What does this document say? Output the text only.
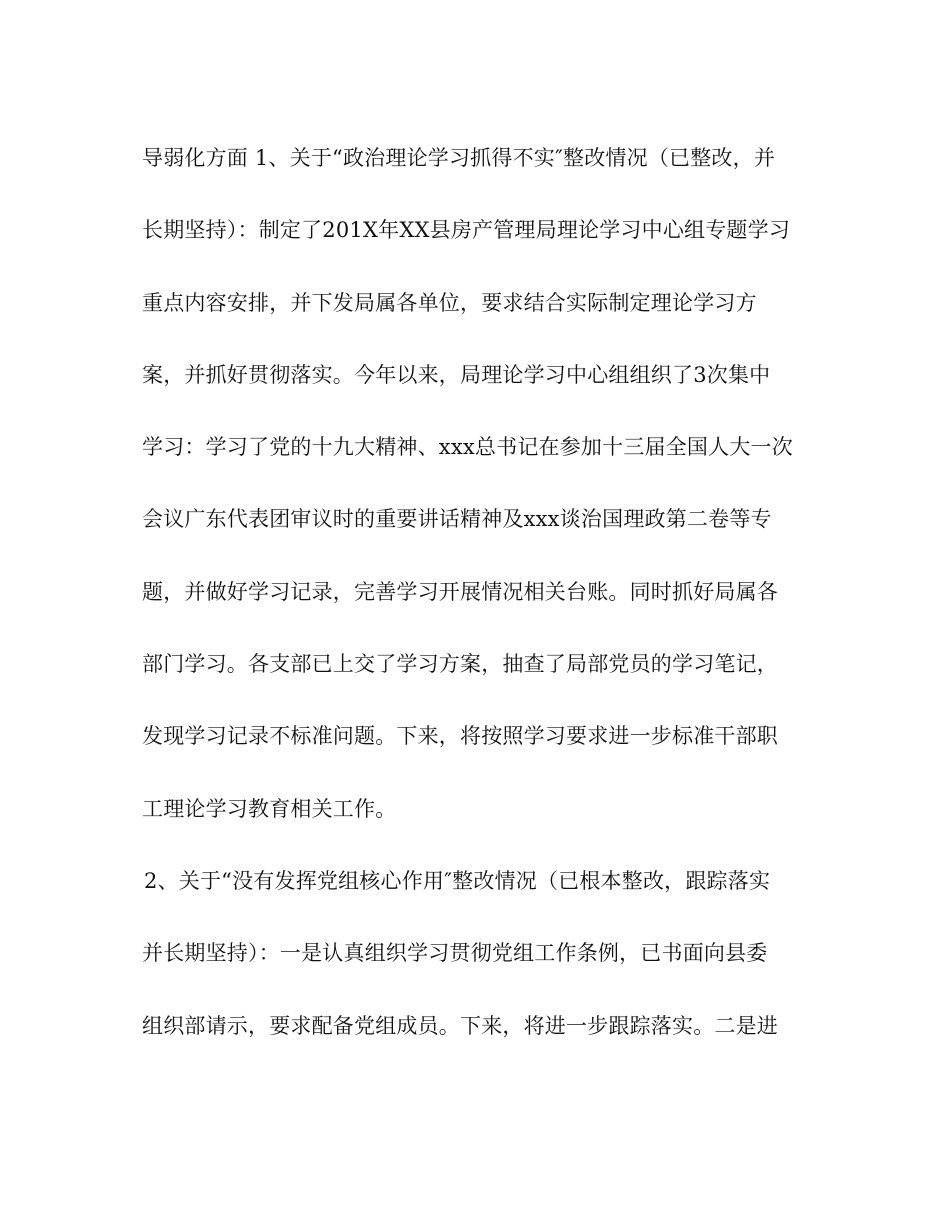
导弱化方面 1、关于“政治理论学习抓得不实″整改情况（已整改，并
长期坚持）：制定了201X年XX县房产管理局理论学习中心组专题学习
重点内容安排，并下发局属各单位，要求结合实际制定理论学习方
案，并抓好贯彻落实。今年以来，局理论学习中心组组织了3次集中
学习：学习了党的十九大精神、xxx总书记在参加十三届全国人大一次
会议广东代表团审议时的重要讲话精神及xxx谈治国理政第二卷等专
题，并做好学习记录，完善学习开展情况相关台账。同时抓好局属各
部门学习。各支部已上交了学习方案，抽查了局部党员的学习笔记，
发现学习记录不标准问题。下来，将按照学习要求进一步标准干部职
工理论学习教育相关工作。
2、关于“没有发挥党组核心作用″整改情况（已根本整改，跟踪落实
并长期坚持）：一是认真组织学习贯彻党组工作条例，已书面向县委
组织部请示，要求配备党组成员。下来，将进一步跟踪落实。二是进
